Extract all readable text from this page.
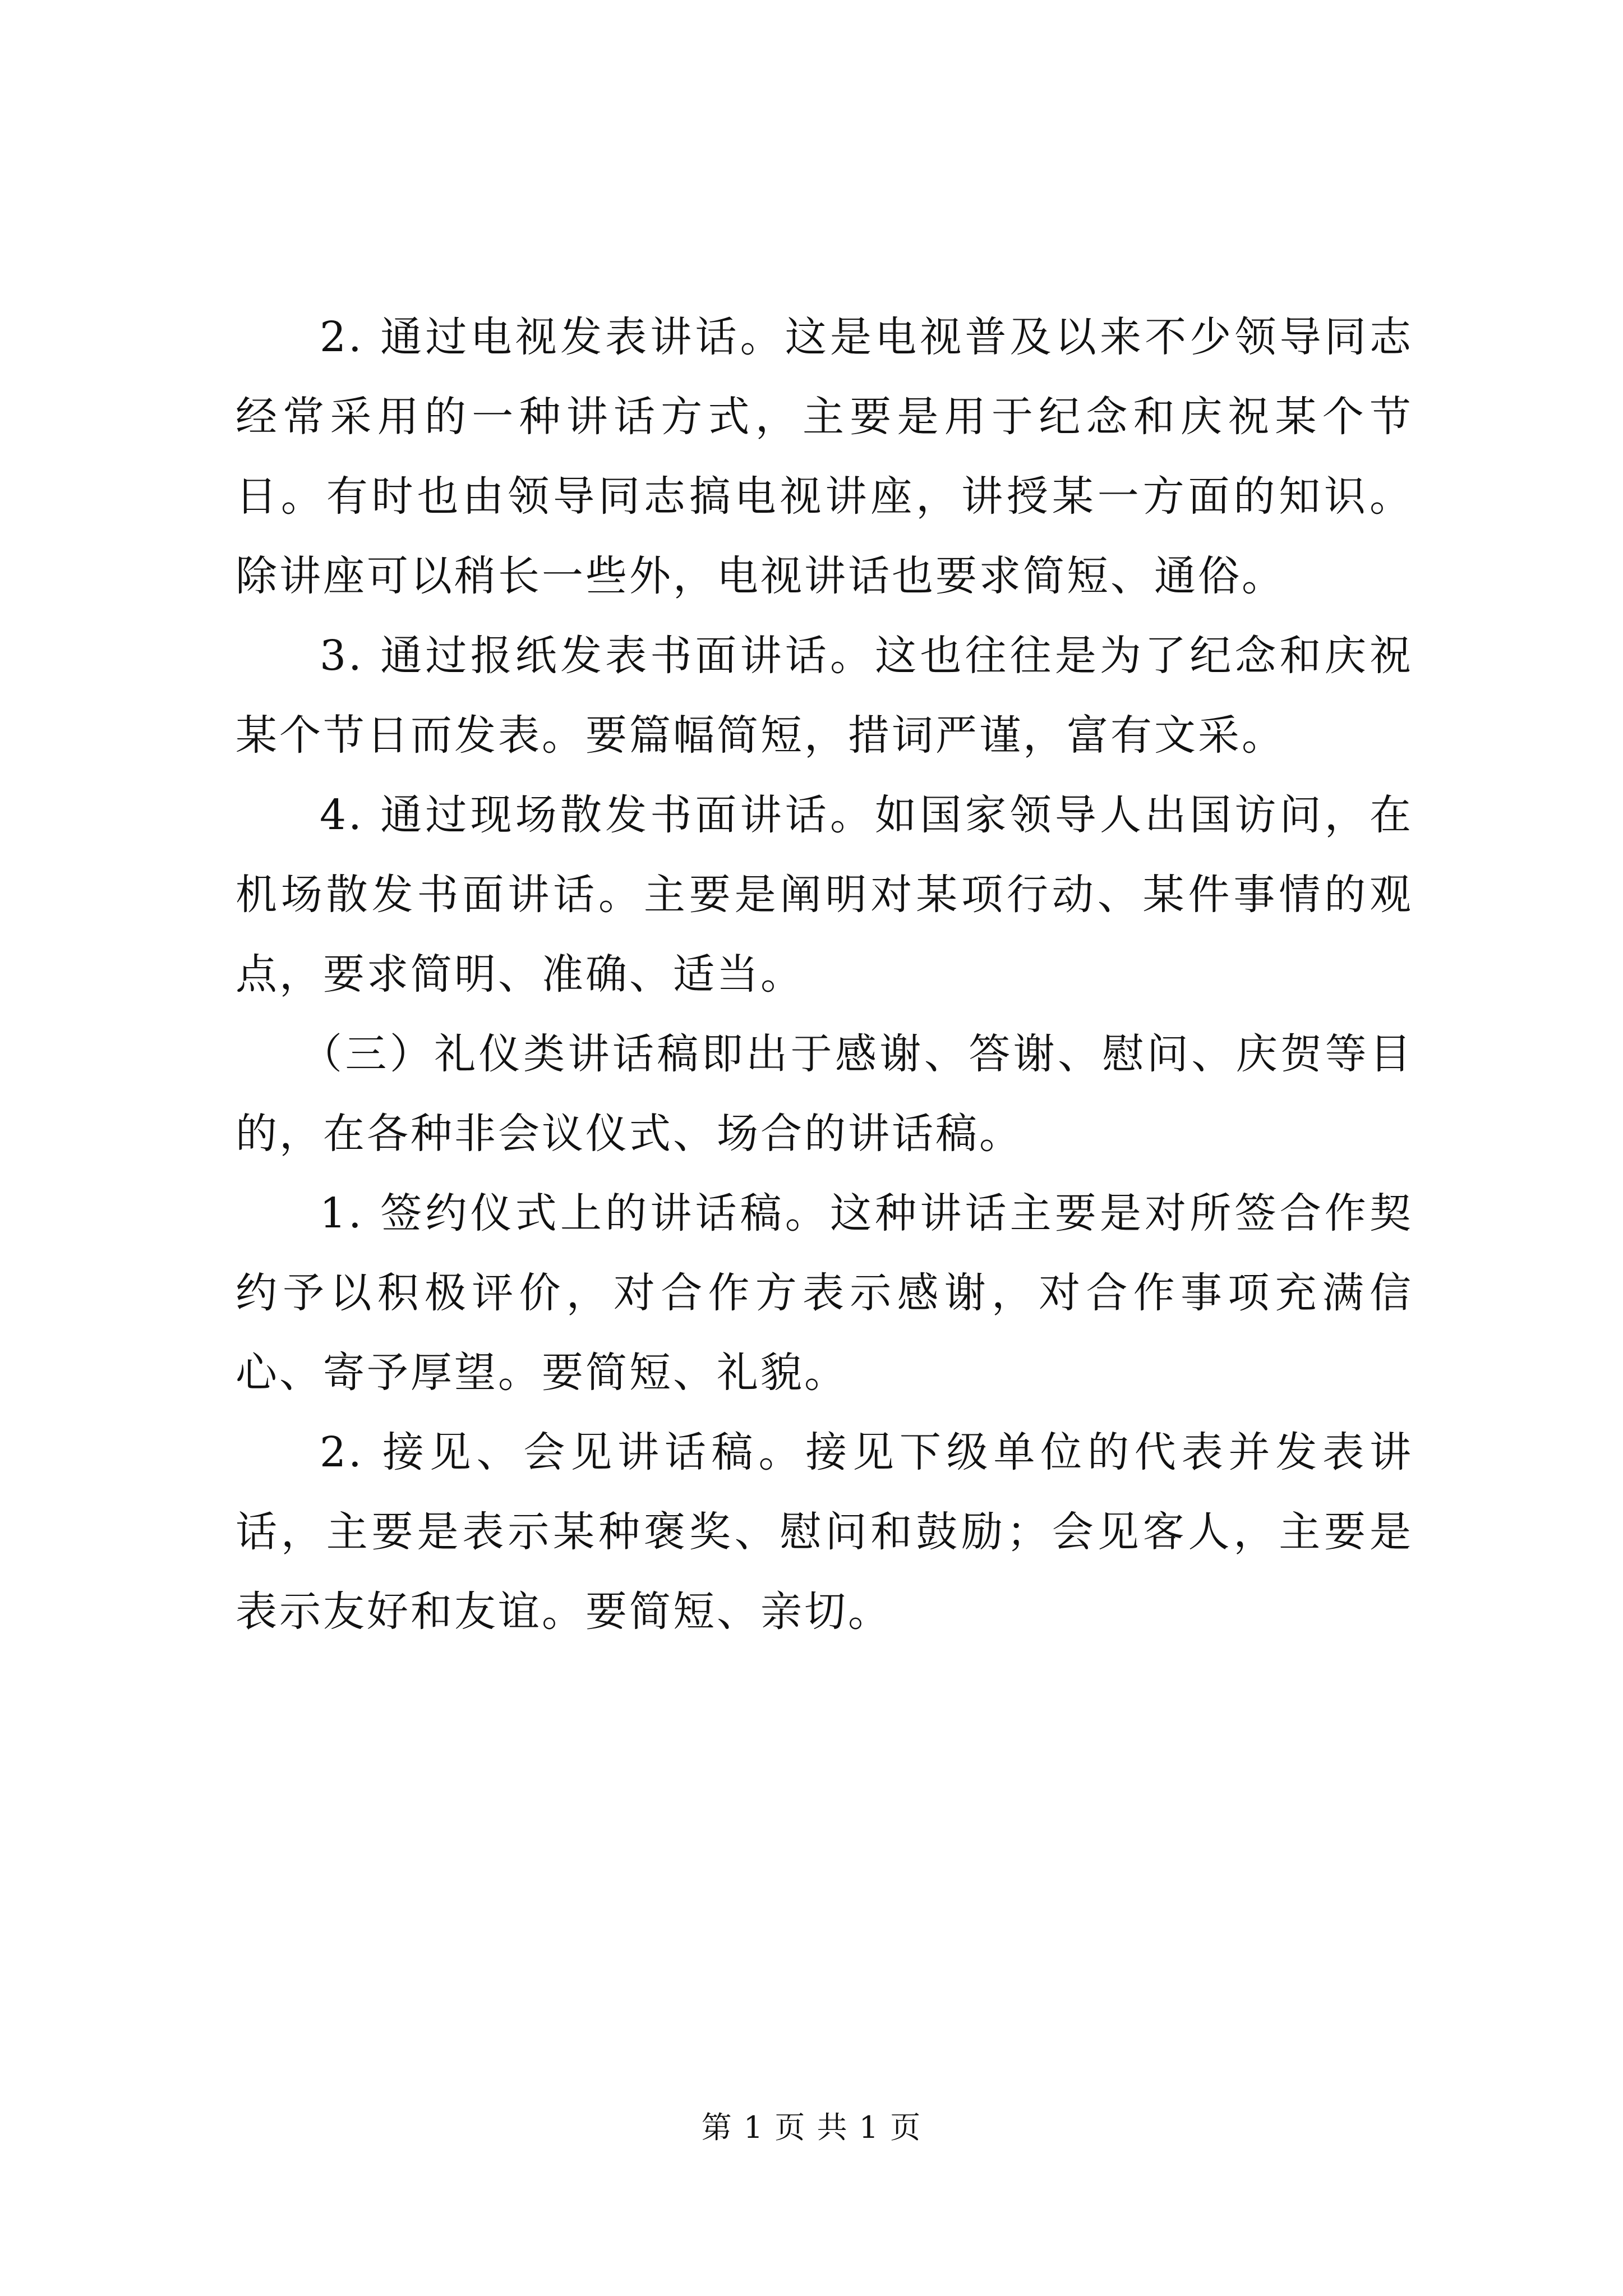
2. 通过电视发表讲话。这是电视普及以来不少领导同志经常采用的一种讲话方式，主要是用于纪念和庆祝某个节日。有时也由领导同志搞电视讲座，讲授某一方面的知识。除讲座可以稍长一些外，电视讲话也要求简短、通俗。

3. 通过报纸发表书面讲话。这也往往是为了纪念和庆祝某个节日而发表。要篇幅简短，措词严谨，富有文采。

4. 通过现场散发书面讲话。如国家领导人出国访问，在机场散发书面讲话。主要是阐明对某项行动、某件事情的观点，要求简明、准确、适当。

（三）礼仪类讲话稿即出于感谢、答谢、慰问、庆贺等目的，在各种非会议仪式、场合的讲话稿。

1. 签约仪式上的讲话稿。这种讲话主要是对所签合作契约予以积极评价，对合作方表示感谢，对合作事项充满信心、寄予厚望。要简短、礼貌。

2. 接见、会见讲话稿。接见下级单位的代表并发表讲话，主要是表示某种褒奖、慰问和鼓励；会见客人，主要是表示友好和友谊。要简短、亲切。

第 1 页 共 1 页
